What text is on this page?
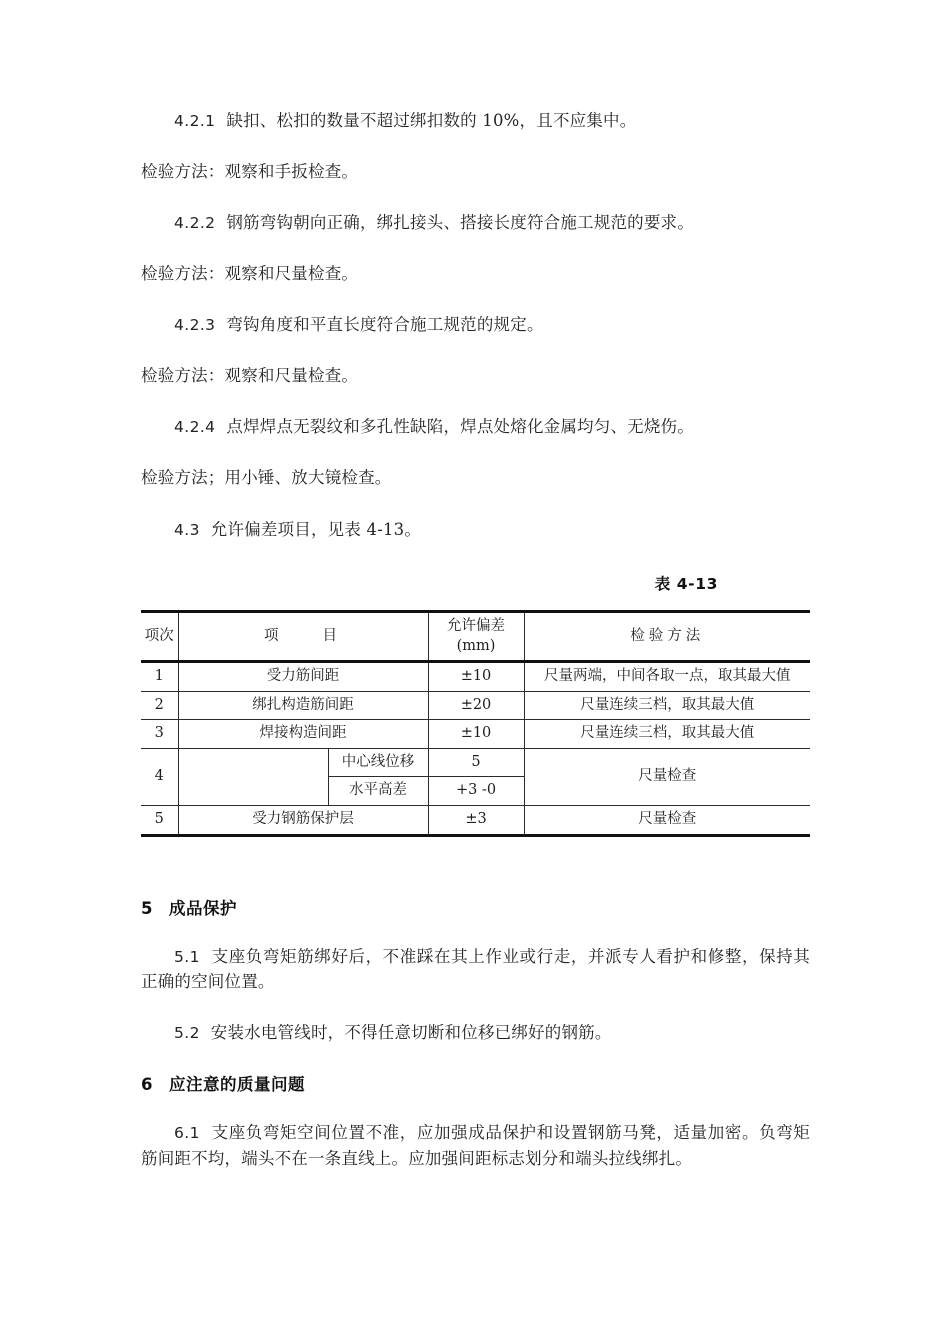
4.2.1 缺扣、松扣的数量不超过绑扣数的 10%，且不应集中。

检验方法：观察和手扳检查。

4.2.2 钢筋弯钩朝向正确，绑扎接头、搭接长度符合施工规范的要求。

检验方法：观察和尺量检查。

4.2.3 弯钩角度和平直长度符合施工规范的规定。

检验方法：观察和尺量检查。

4.2.4 点焊焊点无裂纹和多孔性缺陷，焊点处熔化金属均匀、无烧伤。

检验方法；用小锤、放大镜检查。

4.3 允许偏差项目，见表 4-13。

表 4-13
项次	项　　目		允许偏差 (mm)	检验方法
1	受力筋间距		±10	尺量两端，中间各取一点，取其最大值
2	绑扎构造筋间距		±20	尺量连续三档，取其最大值
3	焊接构造间距		±10	尺量连续三档，取其最大值
4		中心线位移	5	尺量检查
		水平高差	+3 -0	
5	受力钢筋保护层		±3	尺量检查
5 成品保护

5.1 支座负弯矩筋绑好后，不准踩在其上作业或行走，并派专人看护和修整，保持其正确的空间位置。

5.2 安装水电管线时，不得任意切断和位移已绑好的钢筋。

6 应注意的质量问题

6.1 支座负弯矩空间位置不准，应加强成品保护和设置钢筋马凳，适量加密。负弯矩筋间距不均，端头不在一条直线上。应加强间距标志划分和端头拉线绑扎。
